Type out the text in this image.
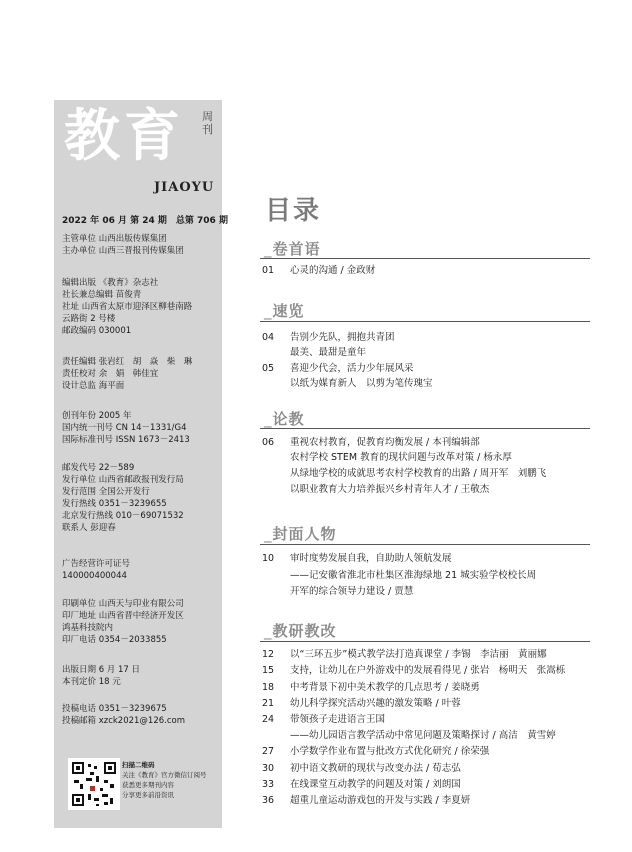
教育 周刊
JIAOYU
2022 年 06 月 第 24 期　总第 706 期
主管单位 山西出版传媒集团
主办单位 山西三晋报刊传媒集团
编辑出版 《教育》杂志社
社长兼总编辑 苗俊青
社址 山西省太原市迎泽区柳巷南路
云路街 2 号楼
邮政编码 030001
责任编辑 张岩红　胡　焱　柴　琳
责任校对 余　娟　韩佳宜
设计总监 海平面
创刊年份 2005 年
国内统一刊号 CN 14－1331/G4
国际标准刊号 ISSN 1673－2413
邮发代号 22－589
发行单位 山西省邮政报刊发行局
发行范围 全国公开发行
发行热线 0351－3239655
北京发行热线 010－69071532
联系人 彭迎春
广告经营许可证号
140000400044
印刷单位 山西天与印业有限公司
印厂地址 山西省晋中经济开发区
鸿基科技院内
印厂电话 0354－2033855
出版日期 6 月 17 日
本刊定价 18 元
投稿电话 0351－3239675
投稿邮箱 xzck2021@126.com
扫描二维码
关注《教育》官方微信订阅号
获悉更多期刊内容
分享更多前沿资讯
目录
_卷首语
01 心灵的沟通 / 金政财
_速览
04 告别少先队，拥抱共青团
最美、最甜是童年
05 喜迎少代会，活力少年展风采
以纸为媒育新人　以剪为笔传瑰宝
_论教
06 重视农村教育，促教育均衡发展 / 本刊编辑部
农村学校 STEM 教育的现状问题与改革对策 / 杨永厚
从绿地学校的成就思考农村学校教育的出路 / 周开军　刘鹏飞
以职业教育大力培养振兴乡村青年人才 / 王敬杰
_封面人物
10 审时度势发展自我，自助助人领航发展
——记安徽省淮北市杜集区淮海绿地 21 城实验学校校长周
开军的综合领导力建设 / 贾慧
_教研教改
12 以“三环五步”模式教学法打造真课堂 / 李锡　李洁丽　黄丽娜
15 支持，让幼儿在户外游戏中的发展看得见 / 张岩　杨明天　张嵩栎
18 中考背景下初中美术教学的几点思考 / 姜晓勇
21 幼儿科学探究活动兴趣的激发策略 / 叶蓉
24 带领孩子走进语言王国
——幼儿园语言教学活动中常见问题及策略探讨 / 高洁　黄雪婷
27 小学数学作业布置与批改方式优化研究 / 徐荣强
30 初中语文教研的现状与改变办法 / 荀志弘
33 在线课堂互动教学的问题及对策 / 刘朗国
36 超重儿童运动游戏包的开发与实践 / 李夏妍
